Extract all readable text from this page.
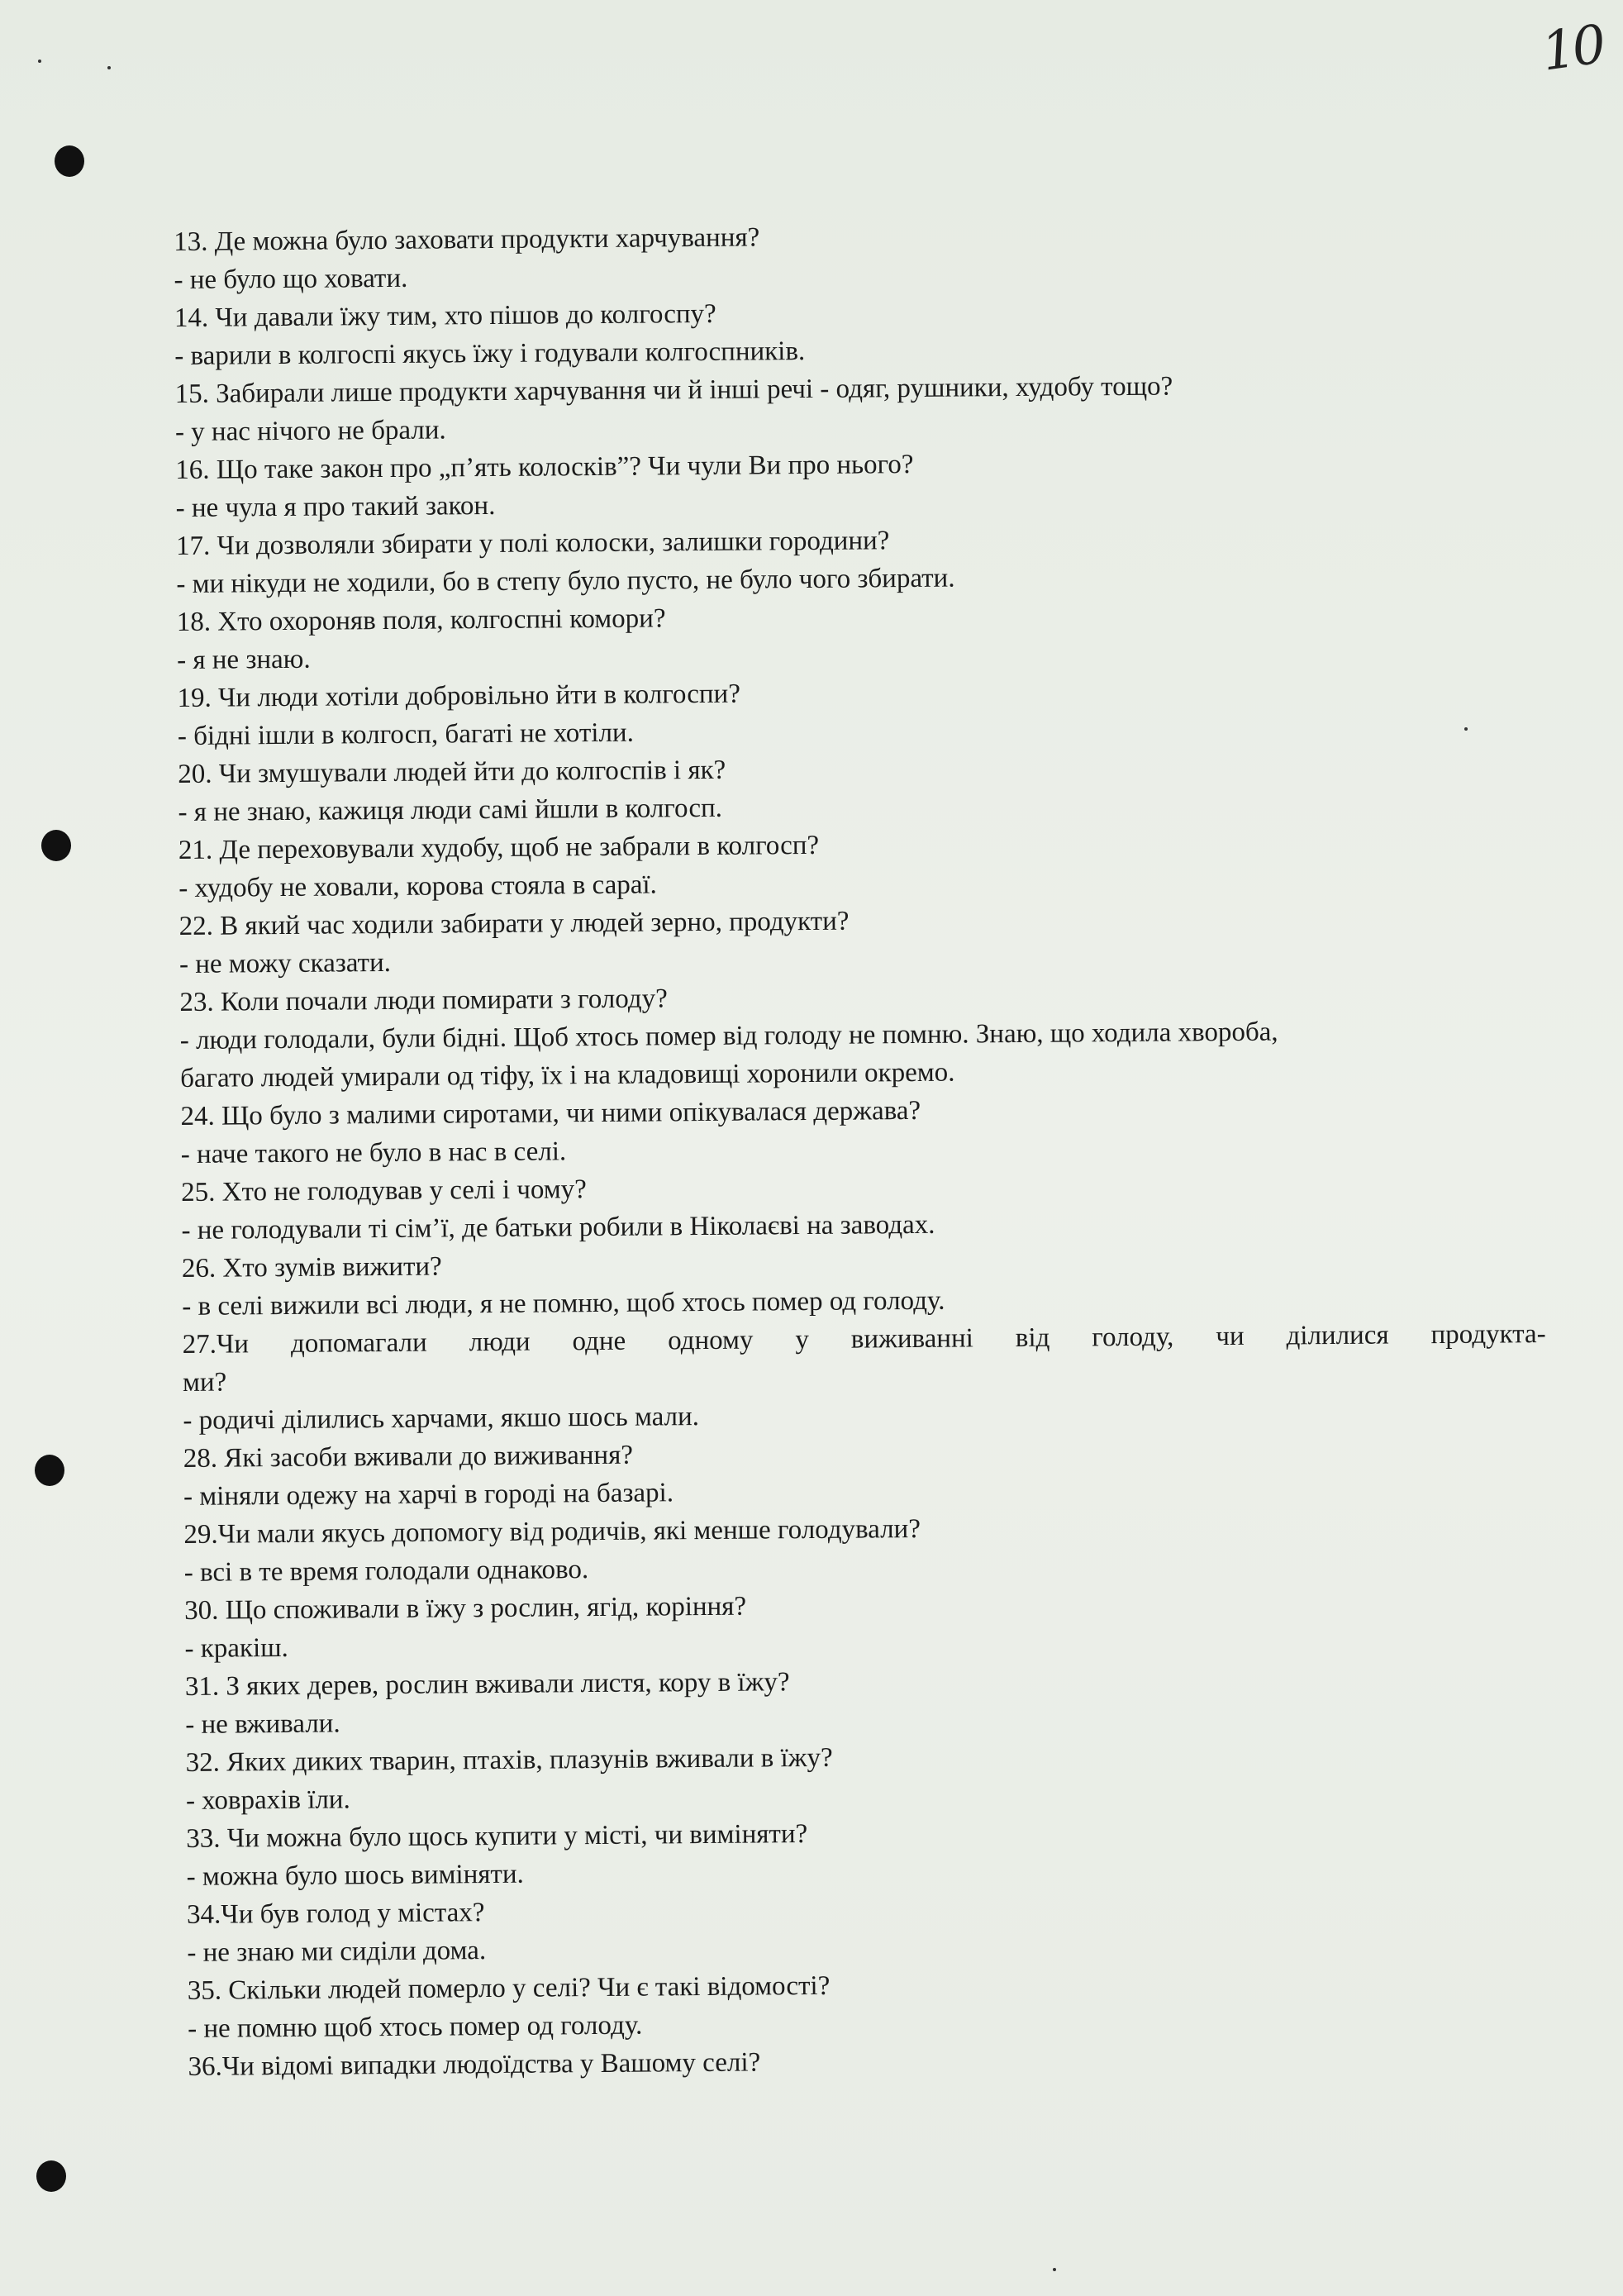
10
13. Де можна було заховати продукти харчування?
- не було що ховати.
14. Чи давали їжу тим, хто пішов до колгоспу?
- варили в колгоспі якусь їжу і годували колгоспників.
15. Забирали лише продукти харчування чи й інші речі - одяг, рушники, худобу тощо?
- у нас нічого не брали.
16. Що таке закон про „п’ять колосків”? Чи чули Ви про нього?
- не чула я про такий закон.
17. Чи дозволяли збирати у полі колоски, залишки городини?
- ми нікуди не ходили, бо в степу було пусто, не було чого збирати.
18. Хто охороняв поля, колгоспні комори?
- я не знаю.
19. Чи люди хотіли добровільно йти в колгоспи?
- бідні ішли в колгосп, багаті не хотіли.
20. Чи змушували людей йти до колгоспів і як?
- я не знаю, кажиця люди самі йшли в колгосп.
21. Де переховували худобу, щоб не забрали в колгосп?
- худобу не ховали, корова стояла в сараї.
22. В який час ходили забирати у людей зерно, продукти?
- не можу сказати.
23. Коли почали люди помирати з голоду?
- люди голодали, були бідні. Щоб хтось помер від голоду не помню. Знаю, що ходила хвороба,
багато людей умирали од тіфу, їх і на кладовищі хоронили окремо.
24. Що було з малими сиротами, чи ними опікувалася держава?
- наче такого не було в нас в селі.
25. Хто не голодував у селі і чому?
- не голодували ті сім’ї, де батьки робили в Ніколаєві на заводах.
26. Хто зумів вижити?
- в селі вижили всі люди, я не помню, щоб хтось помер од голоду.
27.Чи допомагали люди одне одному у виживанні від голоду, чи ділилися продукта-
ми?
- родичі ділились харчами, якшо шось мали.
28. Які засоби вживали до виживання?
- міняли одежу на харчі в городі на базарі.
29.Чи мали якусь допомогу від родичів, які менше голодували?
- всі в те время голодали однаково.
30. Що споживали в їжу з рослин, ягід, коріння?
- кракіш.
31. З яких дерев, рослин вживали листя, кору в їжу?
- не вживали.
32. Яких диких тварин, птахів, плазунів вживали в їжу?
- ховрахів їли.
33. Чи можна було щось купити у місті, чи виміняти?
- можна було шось виміняти.
34.Чи був голод у містах?
- не знаю ми сиділи дома.
35. Скільки людей померло у селі? Чи є такі відомості?
- не помню щоб хтось помер од голоду.
36.Чи відомі випадки людоїдства у Вашому селі?
